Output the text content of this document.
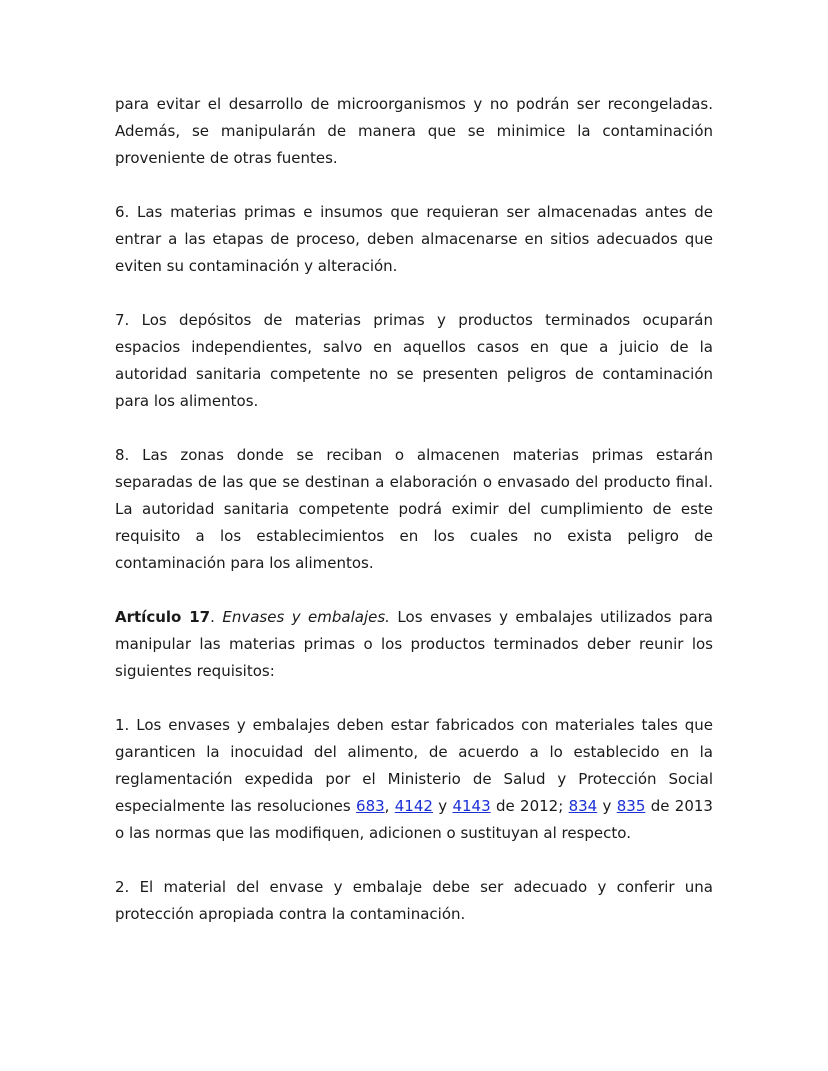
para evitar el desarrollo de microorganismos y no podrán ser recongeladas. Además, se manipularán de manera que se minimice la contaminación proveniente de otras fuentes.

6. Las materias primas e insumos que requieran ser almacenadas antes de entrar a las etapas de proceso, deben almacenarse en sitios adecuados que eviten su contaminación y alteración.

7. Los depósitos de materias primas y productos terminados ocuparán espacios independientes, salvo en aquellos casos en que a juicio de la autoridad sanitaria competente no se presenten peligros de contaminación para los alimentos.

8. Las zonas donde se reciban o almacenen materias primas estarán separadas de las que se destinan a elaboración o envasado del producto final. La autoridad sanitaria competente podrá eximir del cumplimiento de este requisito a los establecimientos en los cuales no exista peligro de contaminación para los alimentos.

Artículo 17. Envases y embalajes. Los envases y embalajes utilizados para manipular las materias primas o los productos terminados deber reunir los siguientes requisitos:

1. Los envases y embalajes deben estar fabricados con materiales tales que garanticen la inocuidad del alimento, de acuerdo a lo establecido en la reglamentación expedida por el Ministerio de Salud y Protección Social especialmente las resoluciones 683, 4142 y 4143 de 2012; 834 y 835 de 2013 o las normas que las modifiquen, adicionen o sustituyan al respecto.

2. El material del envase y embalaje debe ser adecuado y conferir una protección apropiada contra la contaminación.
